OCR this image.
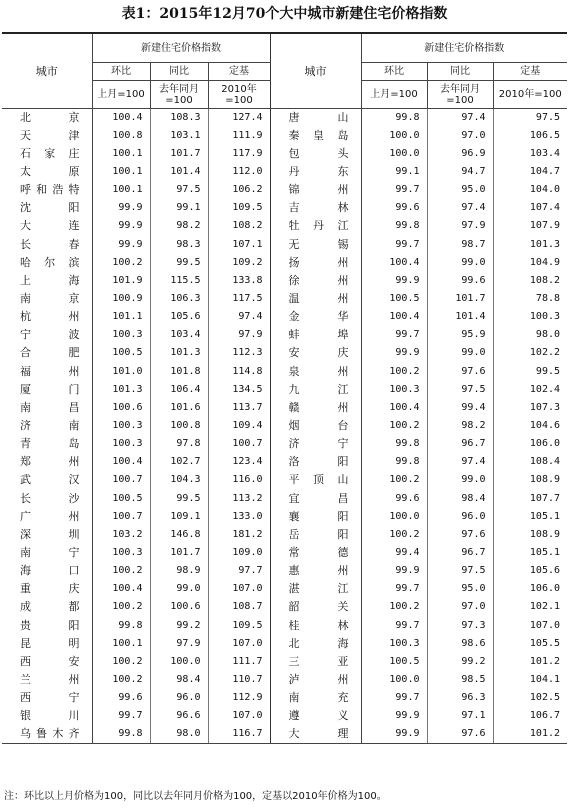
表1：2015年12月70个大中城市新建住宅价格指数
城市	新建住宅价格指数			城市	新建住宅价格指数		
	环比	同比	定基		环比	同比	定基
	上月=100	去年同月=100	2010年=100		上月=100	去年同月=100	2010年=100
北　京	100.4	108.3	127.4	唐　山	99.8	97.4	97.5
天　津	100.8	103.1	111.9	秦皇岛	100.0	97.0	106.5
石家庄	100.1	101.7	117.9	包　头	100.0	96.9	103.4
太　原	100.1	101.4	112.0	丹　东	99.1	94.7	104.7
呼和浩特	100.1	97.5	106.2	锦　州	99.7	95.0	104.0
沈　阳	99.9	99.1	109.5	吉　林	99.6	97.4	107.4
大　连	99.9	98.2	108.2	牡丹江	99.8	97.9	107.9
长　春	99.9	98.3	107.1	无　锡	99.7	98.7	101.3
哈尔滨	100.2	99.5	109.2	扬　州	100.4	99.0	104.9
上　海	101.9	115.5	133.8	徐　州	99.9	99.6	108.2
南　京	100.9	106.3	117.5	温　州	100.5	101.7	78.8
杭　州	101.1	105.6	97.4	金　华	100.4	101.4	100.3
宁　波	100.3	103.4	97.9	蚌　埠	99.7	95.9	98.0
合　肥	100.5	101.3	112.3	安　庆	99.9	99.0	102.2
福　州	101.0	101.8	114.8	泉　州	100.2	97.6	99.5
厦　门	101.3	106.4	134.5	九　江	100.3	97.5	102.4
南　昌	100.6	101.6	113.7	赣　州	100.4	99.4	107.3
济　南	100.3	100.8	109.4	烟　台	100.2	98.2	104.6
青　岛	100.3	97.8	100.7	济　宁	99.8	96.7	106.0
郑　州	100.4	102.7	123.4	洛　阳	99.8	97.4	108.4
武　汉	100.7	104.3	116.0	平顶山	100.2	99.0	108.9
长　沙	100.5	99.5	113.2	宜　昌	99.6	98.4	107.7
广　州	100.7	109.1	133.0	襄　阳	100.0	96.0	105.1
深　圳	103.2	146.8	181.2	岳　阳	100.2	97.6	108.9
南　宁	100.3	101.7	109.0	常　德	99.4	96.7	105.1
海　口	100.2	98.9	97.7	惠　州	99.9	97.5	105.6
重　庆	100.4	99.0	107.0	湛　江	99.7	95.0	106.0
成　都	100.2	100.6	108.7	韶　关	100.2	97.0	102.1
贵　阳	99.8	99.2	109.5	桂　林	99.7	97.3	107.0
昆　明	100.1	97.9	107.0	北　海	100.3	98.6	105.5
西　安	100.2	100.0	111.7	三　亚	100.5	99.2	101.2
兰　州	100.2	98.4	110.7	泸　州	100.0	98.5	104.1
西　宁	99.6	96.0	112.9	南　充	99.7	96.3	102.5
银　川	99.7	96.6	107.0	遵　义	99.9	97.1	106.7
乌鲁木齐	99.8	98.0	116.7	大　理	99.9	97.6	101.2
注：环比以上月价格为100，同比以去年同月价格为100，定基以2010年价格为100。
